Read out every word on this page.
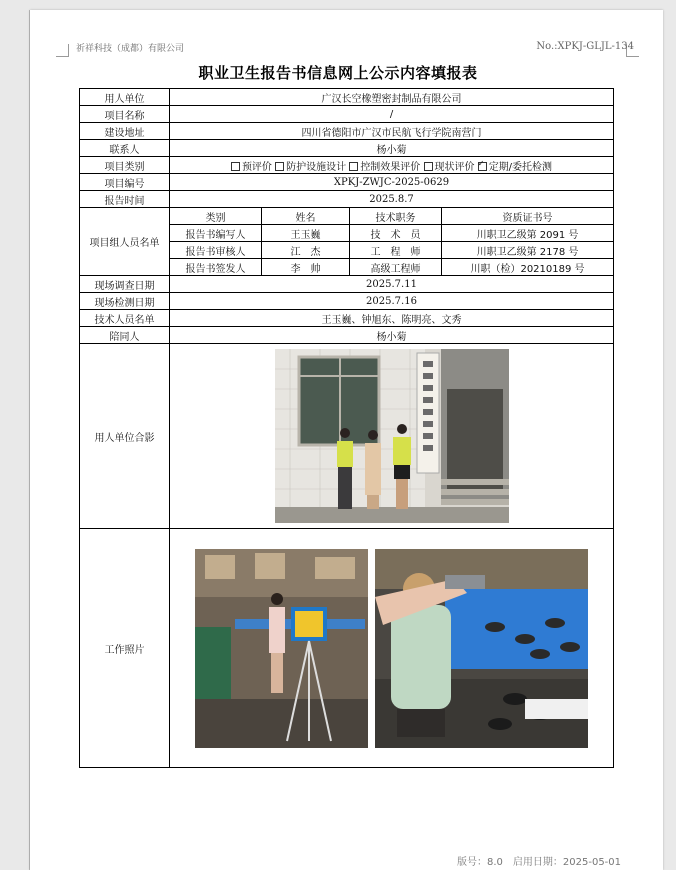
祈祥科技（成都）有限公司	No.:XPKJ-GLJL-134
职业卫生报告书信息网上公示内容填报表
用人单位	广汉长空橡塑密封制品有限公司			
项目名称	/			
建设地址	四川省德阳市广汉市民航飞行学院南营门			
联系人	杨小菊			
项目类别	预评价 防护设施设计 控制效果评价 现状评价 ✓ 定期/委托检测
项目编号	XPKJ-ZWJC-2025-0629			
报告时间	2025.8.7			
项目组人员名单	类别	姓名	技术职务	资质证书号
	报告书编写人	王玉巍	技　术　员	川职卫乙级第 2091 号
	报告书审核人	江　杰	工　程　师	川职卫乙级第 2178 号
	报告书签发人	李　帅	高级工程师	川职（检）20210189 号
现场调查日期	2025.7.11			
现场检测日期	2025.7.16			
技术人员名单	王玉巍、钟旭东、陈明亮、文秀			
陪同人	杨小菊			
用人单位合影	

工作照片	
版号：8.0　启用日期：2025-05-01
